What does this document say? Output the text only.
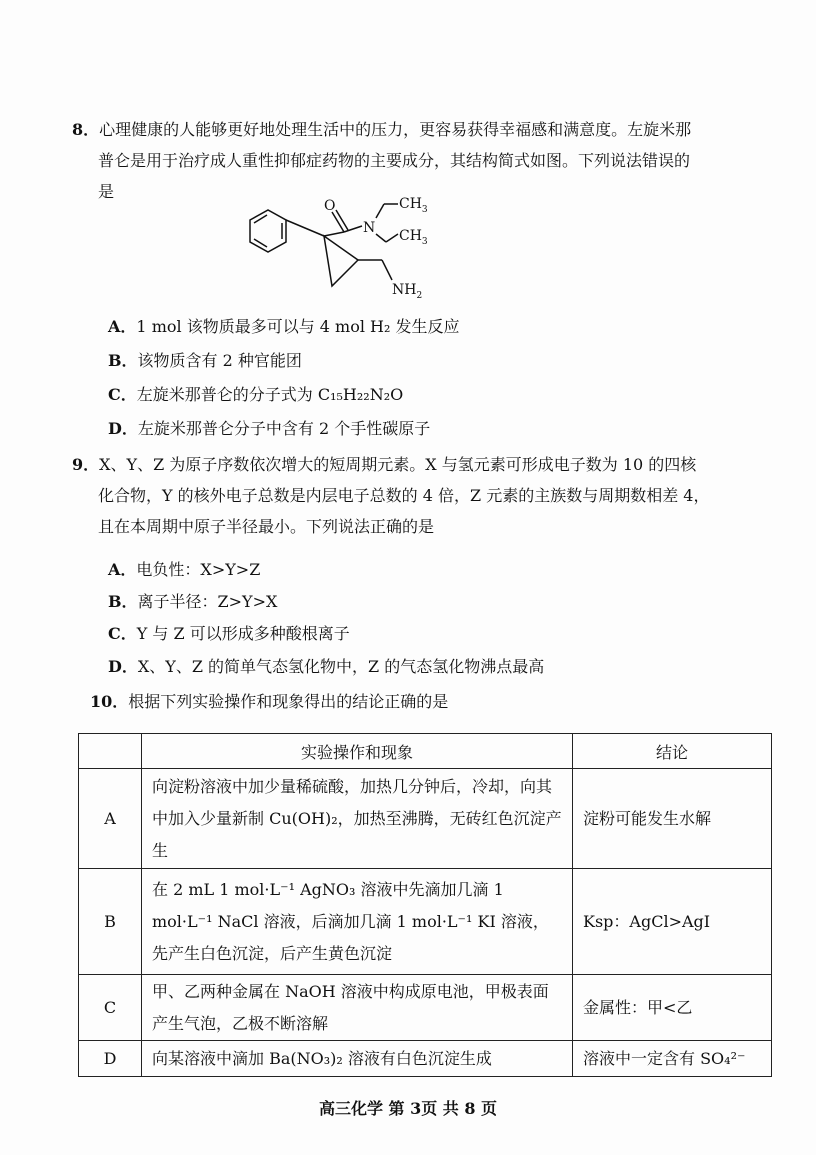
8．心理健康的人能够更好地处理生活中的压力，更容易获得幸福感和满意度。左旋米那
普仑是用于治疗成人重性抑郁症药物的主要成分，其结构简式如图。下列说法错误的
是
O
N
$CH_3$
$CH_3$
$NH_2$
A．1 mol 该物质最多可以与 4 mol H₂ 发生反应
B．该物质含有 2 种官能团
C．左旋米那普仑的分子式为 C₁₅H₂₂N₂O
D．左旋米那普仑分子中含有 2 个手性碳原子
9．X、Y、Z 为原子序数依次增大的短周期元素。X 与氢元素可形成电子数为 10 的四核
化合物，Y 的核外电子总数是内层电子总数的 4 倍，Z 元素的主族数与周期数相差 4，
且在本周期中原子半径最小。下列说法正确的是
A．电负性：X>Y>Z
B．离子半径：Z>Y>X
C．Y 与 Z 可以形成多种酸根离子
D．X、Y、Z 的简单气态氢化物中，Z 的气态氢化物沸点最高
10．根据下列实验操作和现象得出的结论正确的是
	实验操作和现象	结论
A	向淀粉溶液中加少量稀硫酸，加热几分钟后，冷却，向其中加入少量新制 Cu(OH)₂，加热至沸腾，无砖红色沉淀产生	淀粉可能发生水解
B	在 2 mL 1 mol·L⁻¹ AgNO₃ 溶液中先滴加几滴 1 mol·L⁻¹ NaCl 溶液，后滴加几滴 1 mol·L⁻¹ KI 溶液，先产生白色沉淀，后产生黄色沉淀	Ksp：AgCl>AgI
C	甲、乙两种金属在 NaOH 溶液中构成原电池，甲极表面产生气泡，乙极不断溶解	金属性：甲<乙
D	向某溶液中滴加 Ba(NO₃)₂ 溶液有白色沉淀生成	溶液中一定含有 SO₄²⁻
高三化学 第 3页 共 8 页
